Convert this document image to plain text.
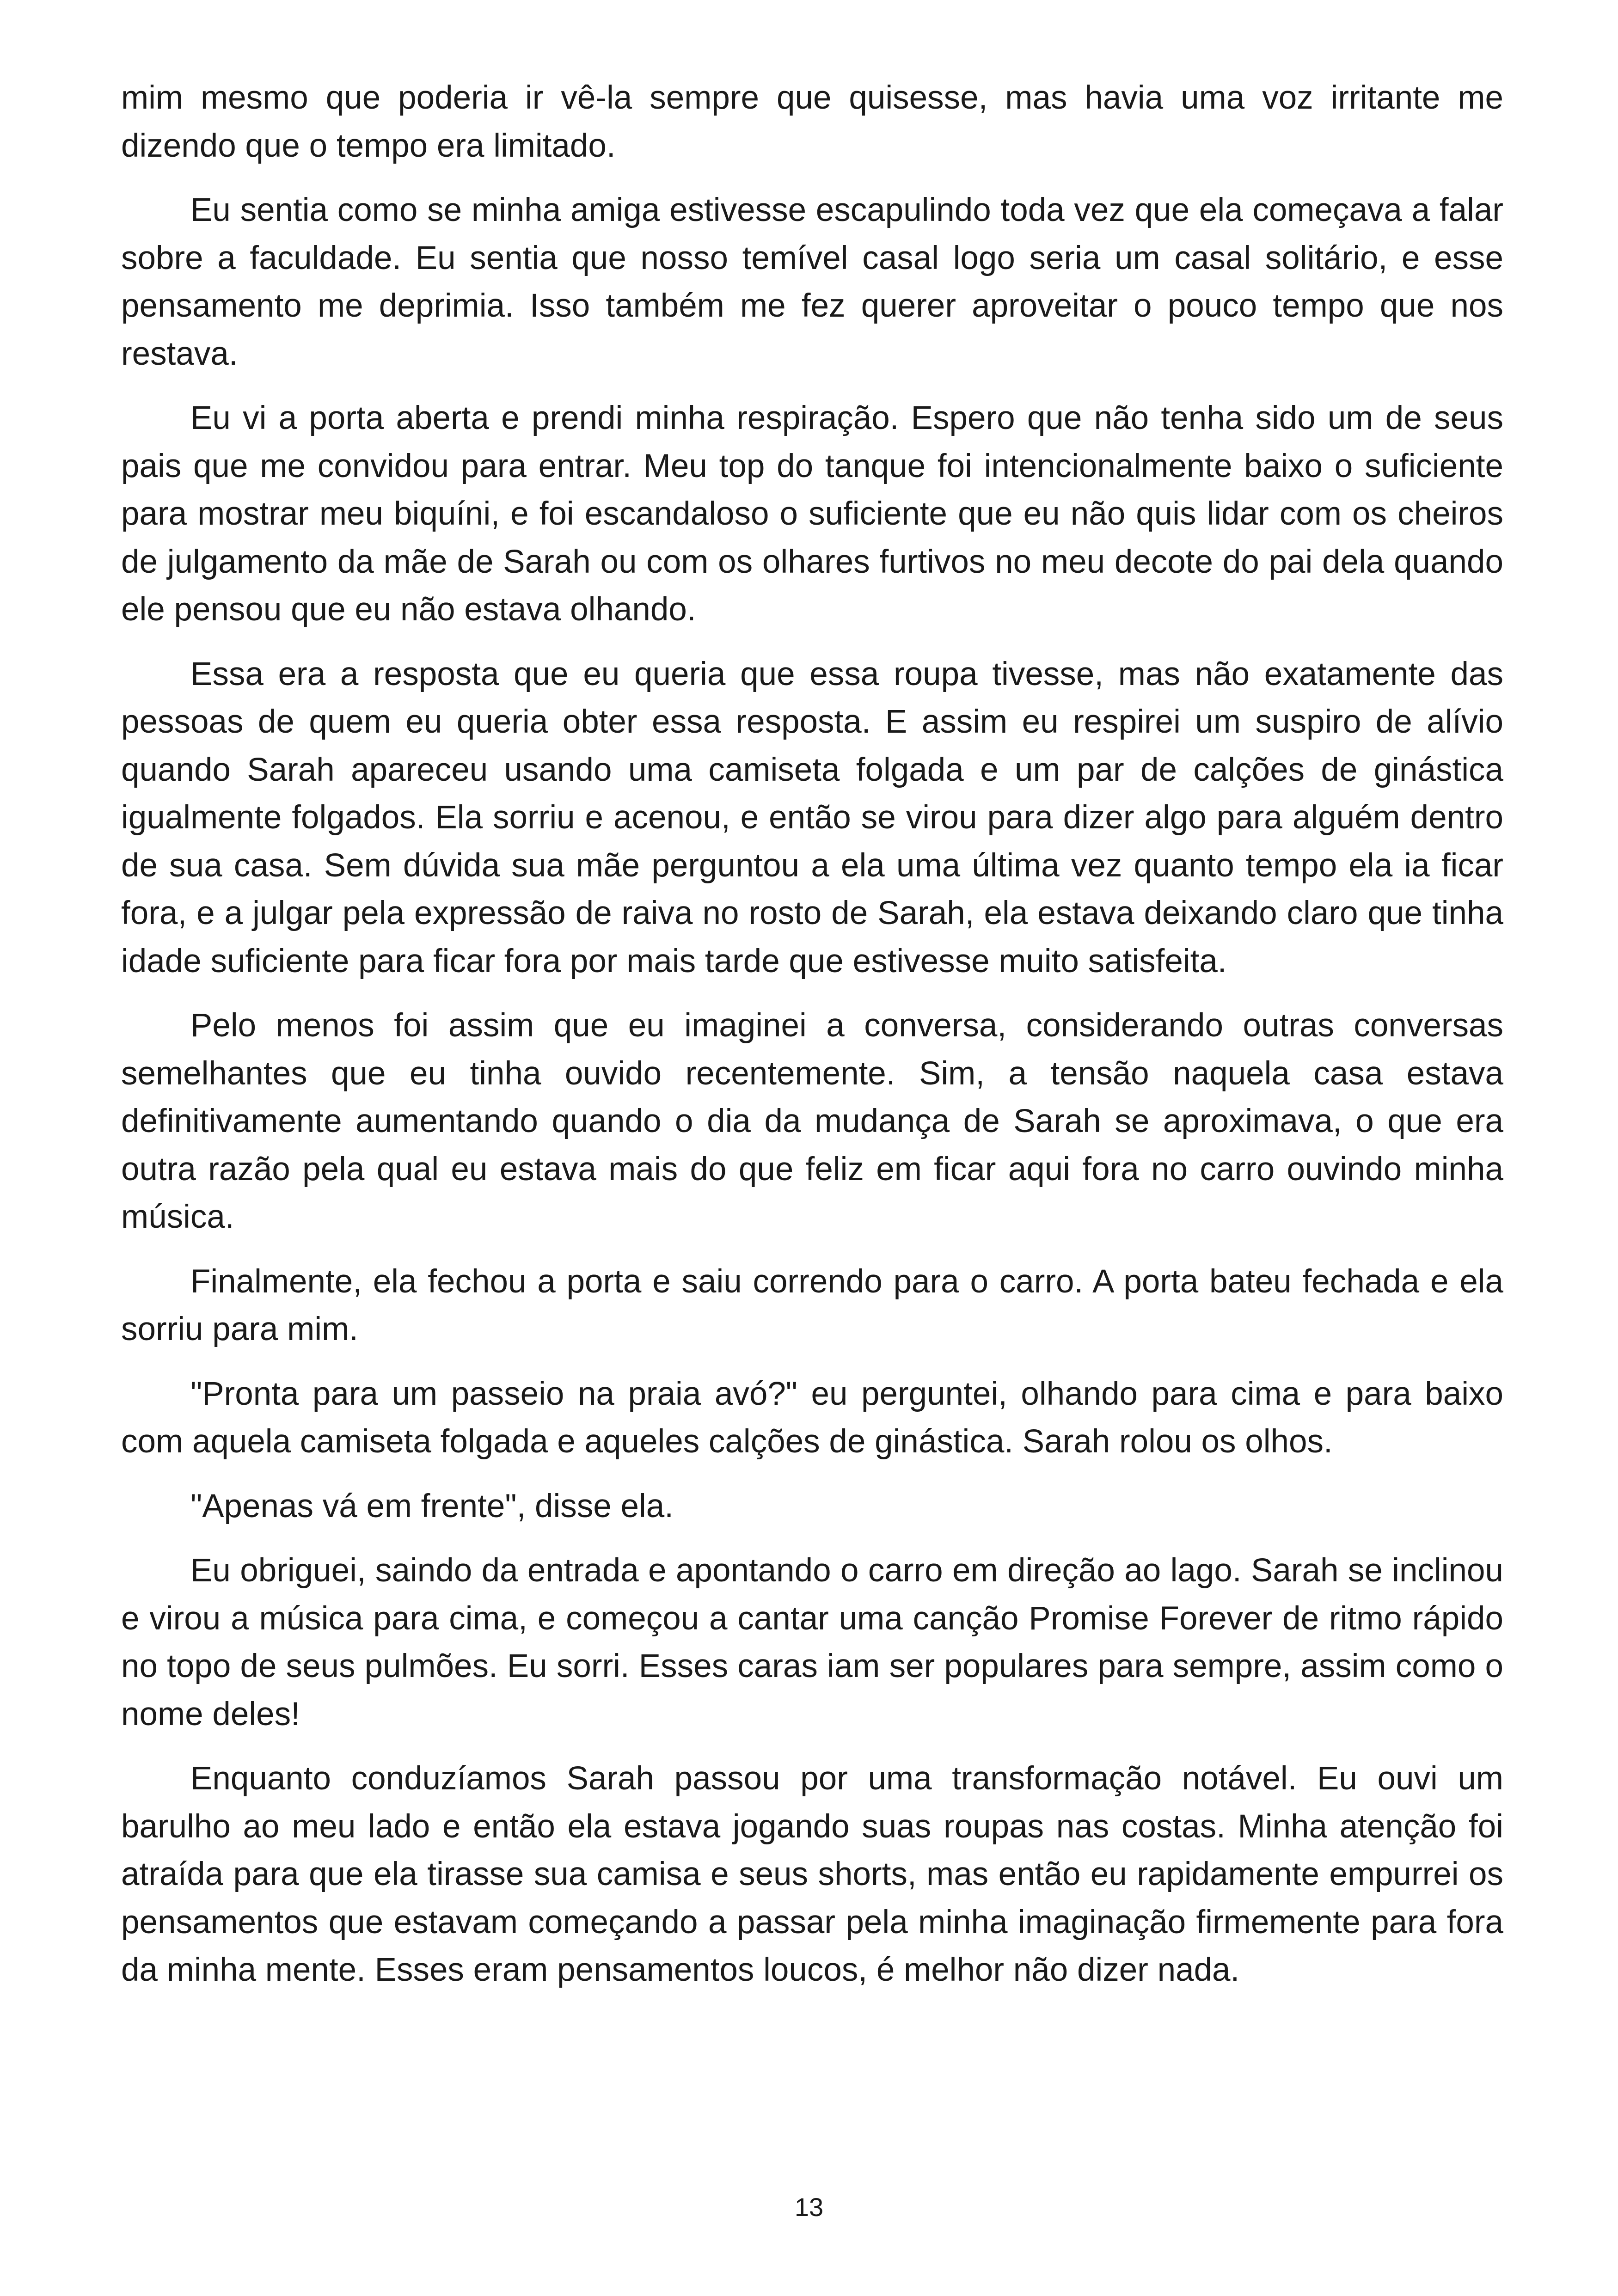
mim mesmo que poderia ir vê-la sempre que quisesse, mas havia uma voz irritante me dizendo que o tempo era limitado.

Eu sentia como se minha amiga estivesse escapulindo toda vez que ela começava a falar sobre a faculdade. Eu sentia que nosso temível casal logo seria um casal solitário, e esse pensamento me deprimia. Isso também me fez querer aproveitar o pouco tempo que nos restava.

Eu vi a porta aberta e prendi minha respiração. Espero que não tenha sido um de seus pais que me convidou para entrar. Meu top do tanque foi intencionalmente baixo o suficiente para mostrar meu biquíni, e foi escandaloso o suficiente que eu não quis lidar com os cheiros de julgamento da mãe de Sarah ou com os olhares furtivos no meu decote do pai dela quando ele pensou que eu não estava olhando.

Essa era a resposta que eu queria que essa roupa tivesse, mas não exatamente das pessoas de quem eu queria obter essa resposta. E assim eu respirei um suspiro de alívio quando Sarah apareceu usando uma camiseta folgada e um par de calções de ginástica igualmente folgados. Ela sorriu e acenou, e então se virou para dizer algo para alguém dentro de sua casa. Sem dúvida sua mãe perguntou a ela uma última vez quanto tempo ela ia ficar fora, e a julgar pela expressão de raiva no rosto de Sarah, ela estava deixando claro que tinha idade suficiente para ficar fora por mais tarde que estivesse muito satisfeita.

Pelo menos foi assim que eu imaginei a conversa, considerando outras conversas semelhantes que eu tinha ouvido recentemente. Sim, a tensão naquela casa estava definitivamente aumentando quando o dia da mudança de Sarah se aproximava, o que era outra razão pela qual eu estava mais do que feliz em ficar aqui fora no carro ouvindo minha música.

Finalmente, ela fechou a porta e saiu correndo para o carro. A porta bateu fechada e ela sorriu para mim.

"Pronta para um passeio na praia avó?" eu perguntei, olhando para cima e para baixo com aquela camiseta folgada e aqueles calções de ginástica. Sarah rolou os olhos.

"Apenas vá em frente", disse ela.

Eu obriguei, saindo da entrada e apontando o carro em direção ao lago. Sarah se inclinou e virou a música para cima, e começou a cantar uma canção Promise Forever de ritmo rápido no topo de seus pulmões. Eu sorri. Esses caras iam ser populares para sempre, assim como o nome deles!

Enquanto conduzíamos Sarah passou por uma transformação notável. Eu ouvi um barulho ao meu lado e então ela estava jogando suas roupas nas costas. Minha atenção foi atraída para que ela tirasse sua camisa e seus shorts, mas então eu rapidamente empurrei os pensamentos que estavam começando a passar pela minha imaginação firmemente para fora da minha mente. Esses eram pensamentos loucos, é melhor não dizer nada.

13
